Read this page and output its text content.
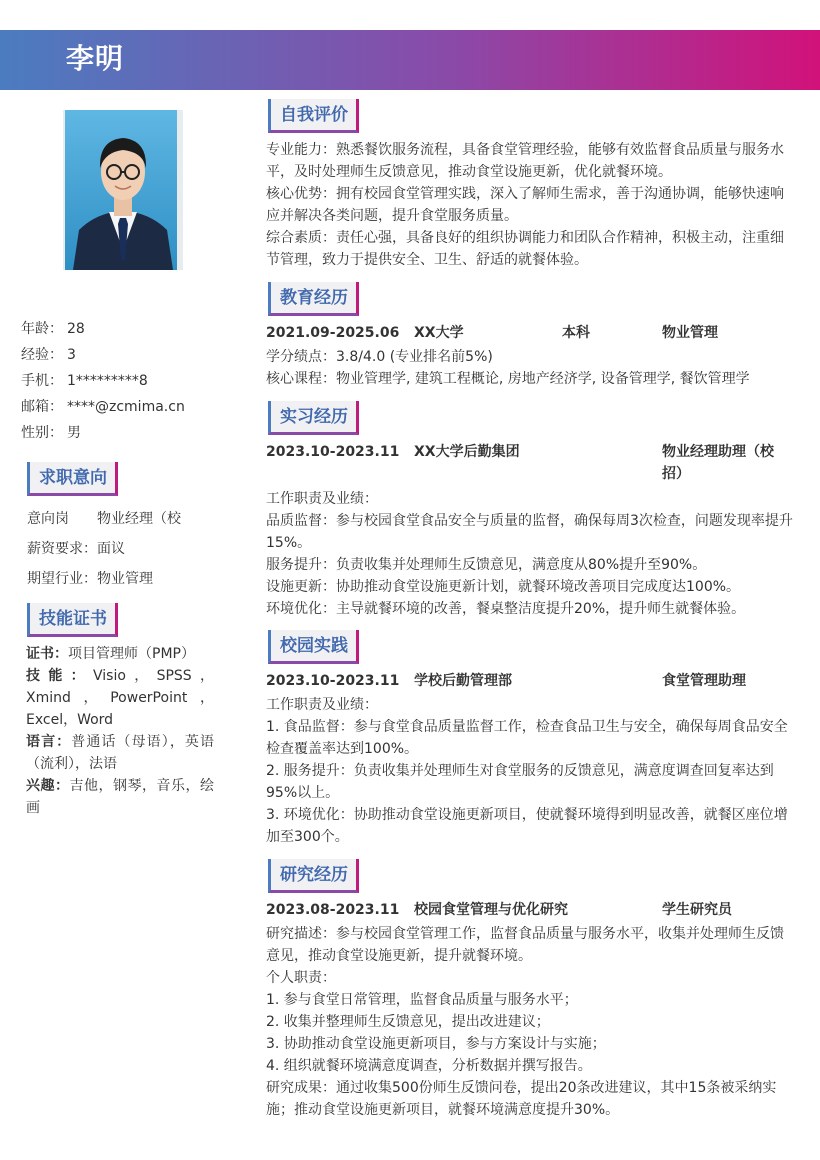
李明
年龄： 28
经验： 3
手机： 1*********8
邮箱： ****@zcmima.cn
性别： 男
求职意向
意向岗 物业经理（校
薪资要求：面议
期望行业：物业管理
技能证书

证书：项目管理师（PMP）

技能：Visio，SPSS，Xmind，PowerPoint，Excel，Word

语言：普通话（母语），英语（流利），法语

兴趣：吉他，钢琴，音乐，绘画

自我评价

专业能力：熟悉餐饮服务流程，具备食堂管理经验，能够有效监督食品质量与服务水平，及时处理师生反馈意见，推动食堂设施更新，优化就餐环境。

核心优势：拥有校园食堂管理实践，深入了解师生需求，善于沟通协调，能够快速响应并解决各类问题，提升食堂服务质量。

综合素质：责任心强，具备良好的组织协调能力和团队合作精神，积极主动，注重细节管理，致力于提供安全、卫生、舒适的就餐体验。

教育经历
2021.09-2025.06 XX大学	本科	物业管理

学分绩点：3.8/4.0 (专业排名前5%)

核心课程：物业管理学, 建筑工程概论, 房地产经济学, 设备管理学, 餐饮管理学

实习经历
2023.10-2023.11 XX大学后勤集团	物业经理助理（校招）

工作职责及业绩：

品质监督：参与校园食堂食品安全与质量的监督，确保每周3次检查，问题发现率提升15%。

服务提升：负责收集并处理师生反馈意见，满意度从80%提升至90%。

设施更新：协助推动食堂设施更新计划，就餐环境改善项目完成度达100%。

环境优化：主导就餐环境的改善，餐桌整洁度提升20%，提升师生就餐体验。

校园实践
2023.10-2023.11 学校后勤管理部	食堂管理助理

工作职责及业绩：

1. 食品监督：参与食堂食品质量监督工作，检查食品卫生与安全，确保每周食品安全检查覆盖率达到100%。

2. 服务提升：负责收集并处理师生对食堂服务的反馈意见，满意度调查回复率达到95%以上。

3. 环境优化：协助推动食堂设施更新项目，使就餐环境得到明显改善，就餐区座位增加至300个。

研究经历
2023.08-2023.11 校园食堂管理与优化研究	学生研究员

研究描述：参与校园食堂管理工作，监督食品质量与服务水平，收集并处理师生反馈意见，推动食堂设施更新，提升就餐环境。

个人职责：

1. 参与食堂日常管理，监督食品质量与服务水平；

2. 收集并整理师生反馈意见，提出改进建议；

3. 协助推动食堂设施更新项目，参与方案设计与实施；

4. 组织就餐环境满意度调查，分析数据并撰写报告。

研究成果：通过收集500份师生反馈问卷，提出20条改进建议，其中15条被采纳实施；推动食堂设施更新项目，就餐环境满意度提升30%。
